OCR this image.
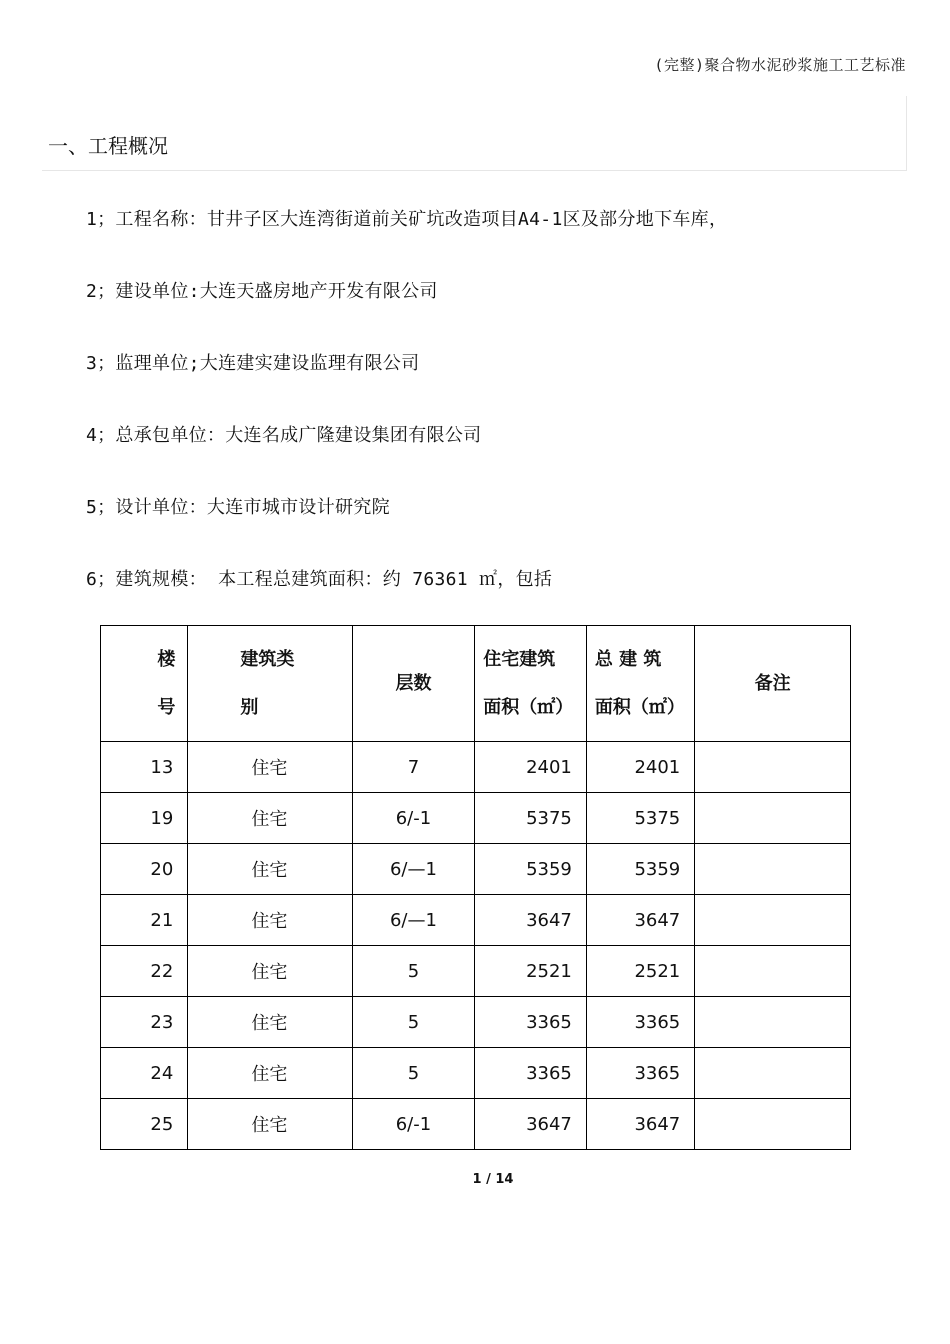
(完整)聚合物水泥砂浆施工工艺标准
一、工程概况
1；工程名称：甘井子区大连湾街道前关矿坑改造项目A4-1区及部分地下车库，
2；建设单位:大连天盛房地产开发有限公司
3；监理单位;大连建实建设监理有限公司
4；总承包单位：大连名成广隆建设集团有限公司
5；设计单位：大连市城市设计研究院
6；建筑规模： 本工程总建筑面积：约 76361 ㎡，包括
楼号	建筑类别	层数	住宅建筑面积（㎡）	总 建 筑 面积（㎡）	备注
13	住宅	7	2401	2401	
19	住宅	6/-1	5375	5375	
20	住宅	6/—1	5359	5359	
21	住宅	6/—1	3647	3647	
22	住宅	5	2521	2521	
23	住宅	5	3365	3365	
24	住宅	5	3365	3365	
25	住宅	6/-1	3647	3647	
1 / 14
